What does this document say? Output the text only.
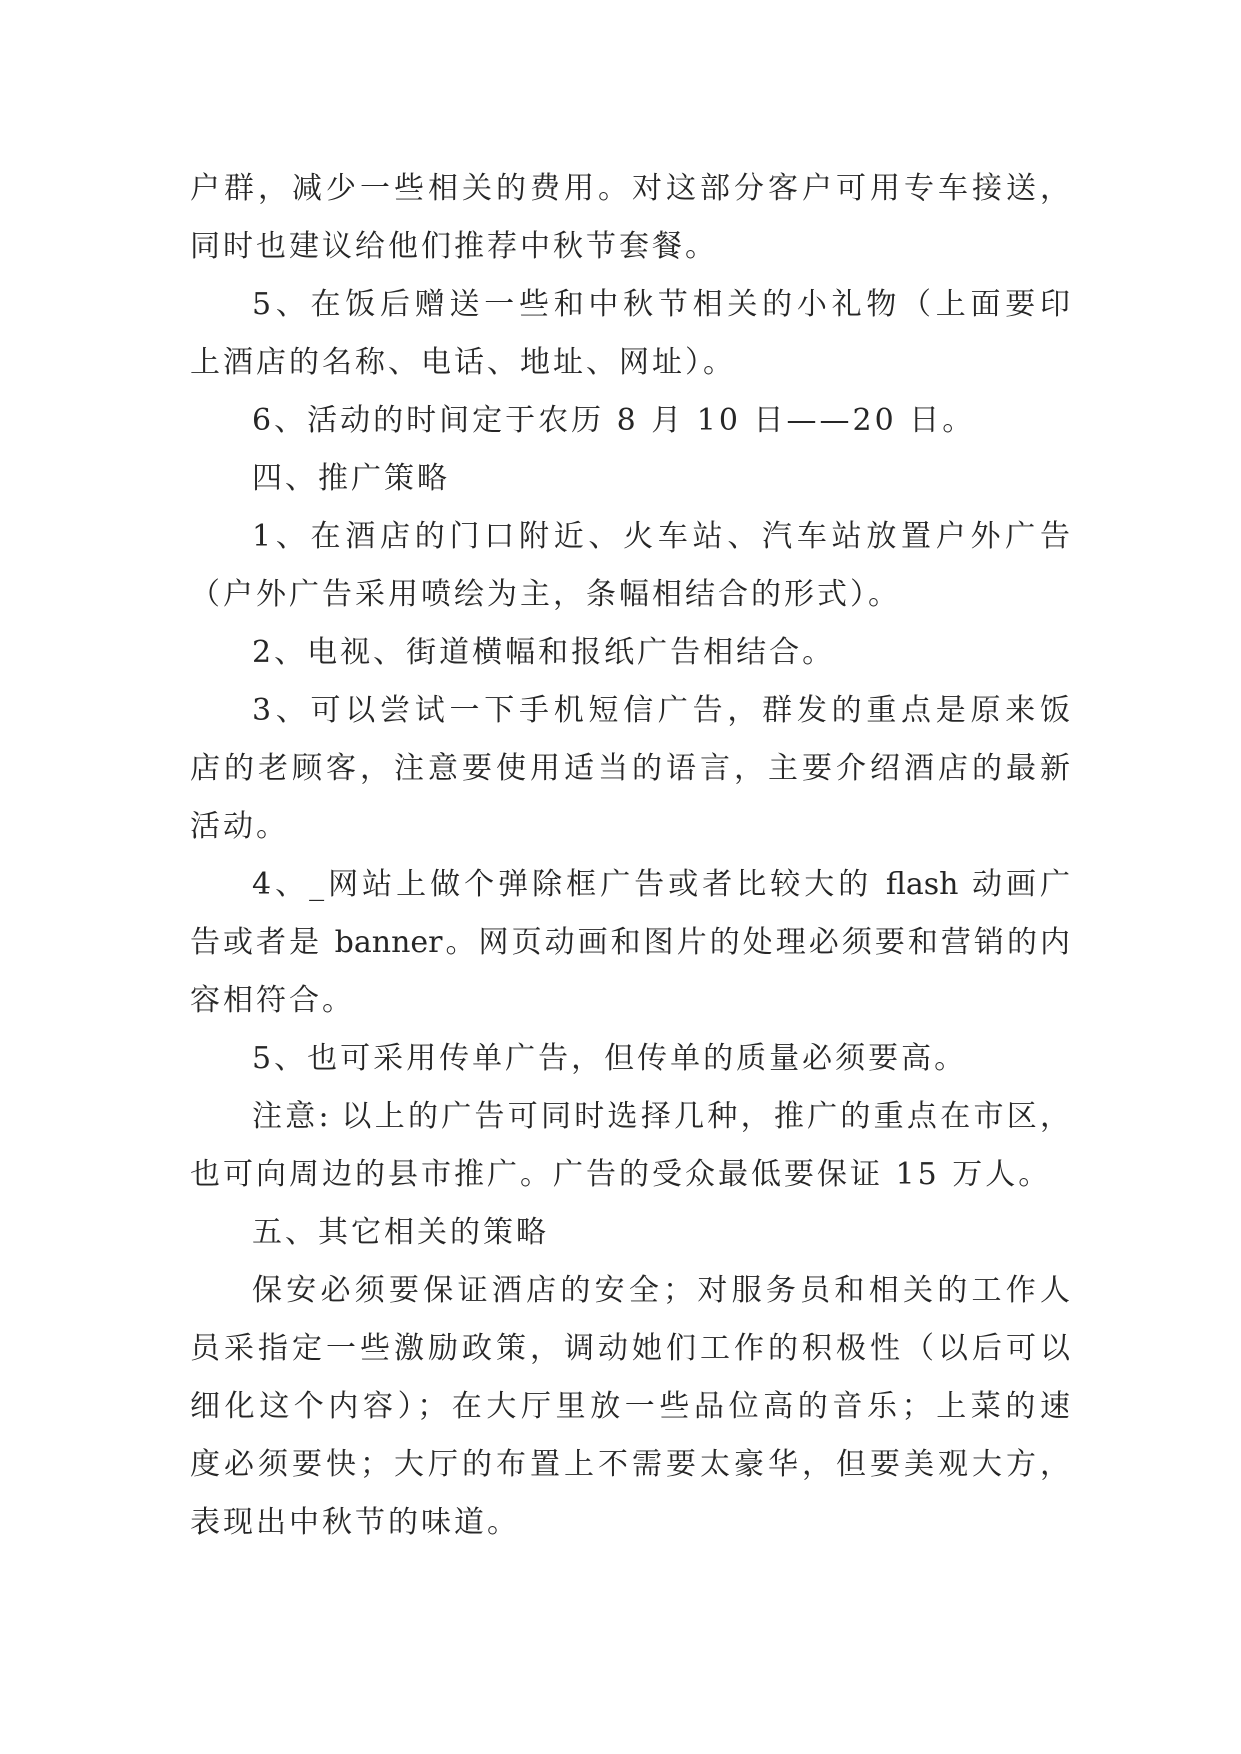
户群，减少一些相关的费用。对这部分客户可用专车接送，
同时也建议给他们推荐中秋节套餐。
5、在饭后赠送一些和中秋节相关的小礼物（上面要印
上酒店的名称、电话、地址、网址）。
6、活动的时间定于农历 8 月 10 日——20 日。
四、推广策略
1、在酒店的门口附近、火车站、汽车站放置户外广告
（户外广告采用喷绘为主，条幅相结合的形式）。
2、电视、街道横幅和报纸广告相结合。
3、可以尝试一下手机短信广告，群发的重点是原来饭
店的老顾客，注意要使用适当的语言，主要介绍酒店的最新
活动。
4、_网站上做个弹除框广告或者比较大的 flash 动画广
告或者是 banner。网页动画和图片的处理必须要和营销的内
容相符合。
5、也可采用传单广告，但传单的质量必须要高。
注意: 以上的广告可同时选择几种，推广的重点在市区，
也可向周边的县市推广。广告的受众最低要保证 15 万人。
五、其它相关的策略
保安必须要保证酒店的安全；对服务员和相关的工作人
员采指定一些激励政策，调动她们工作的积极性（以后可以
细化这个内容）；在大厅里放一些品位高的音乐；上菜的速
度必须要快；大厅的布置上不需要太豪华，但要美观大方，
表现出中秋节的味道。
